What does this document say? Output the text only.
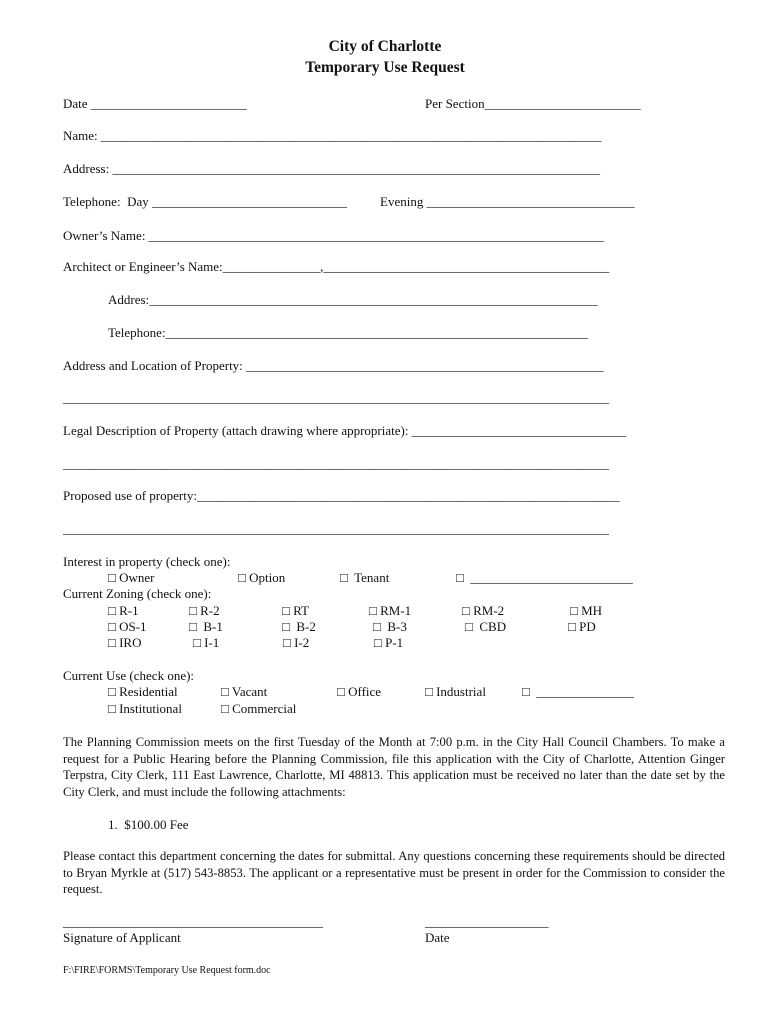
City of Charlotte
Temporary Use Request
Date ________________________	Per Section________________________
Name: _____________________________________________________________________________
Address: ___________________________________________________________________________
Telephone:  Day ______________________________	Evening ________________________________
Owner’s Name: ______________________________________________________________________
Architect or Engineer’s Name:_______________,____________________________________________
Addres:_____________________________________________________________________
Telephone:_________________________________________________________________
Address and Location of Property: _______________________________________________________
____________________________________________________________________________________
Legal Description of Property (attach drawing where appropriate): _________________________________
____________________________________________________________________________________
Proposed use of property:_________________________________________________________________
____________________________________________________________________________________
Interest in property (check one):
□ Owner	□ Option	□  Tenant	□  _________________________
Current Zoning (check one):
□ R-1	□ R-2	□ RT	□ RM-1	□ RM-2	□ MH
□ OS-1	□  B-1	□  B-2	□  B-3	□  CBD	□ PD
□ IRO	□ I-1	□ I-2	□ P-1
Current Use (check one):
□ Residential	□ Vacant	□ Office	□ Industrial	□  _______________
□ Institutional	□ Commercial
The Planning Commission meets on the first Tuesday of the Month at 7:00 p.m. in the City Hall Council Chambers. To make a request for a Public Hearing before the Planning Commission, file this application with the City of Charlotte, Attention Ginger Terpstra, City Clerk, 111 East Lawrence, Charlotte, MI 48813. This application must be received no later than the date set by the City Clerk, and must include the following attachments:
1.  $100.00 Fee
Please contact this department concerning the dates for submittal. Any questions concerning these requirements should be directed to Bryan Myrkle at (517) 543-8853. The applicant or a representative must be present in order for the Commission to consider the request.
________________________________________
Signature of Applicant
___________________
Date
F:\FIRE\FORMS\Temporary Use Request form.doc
